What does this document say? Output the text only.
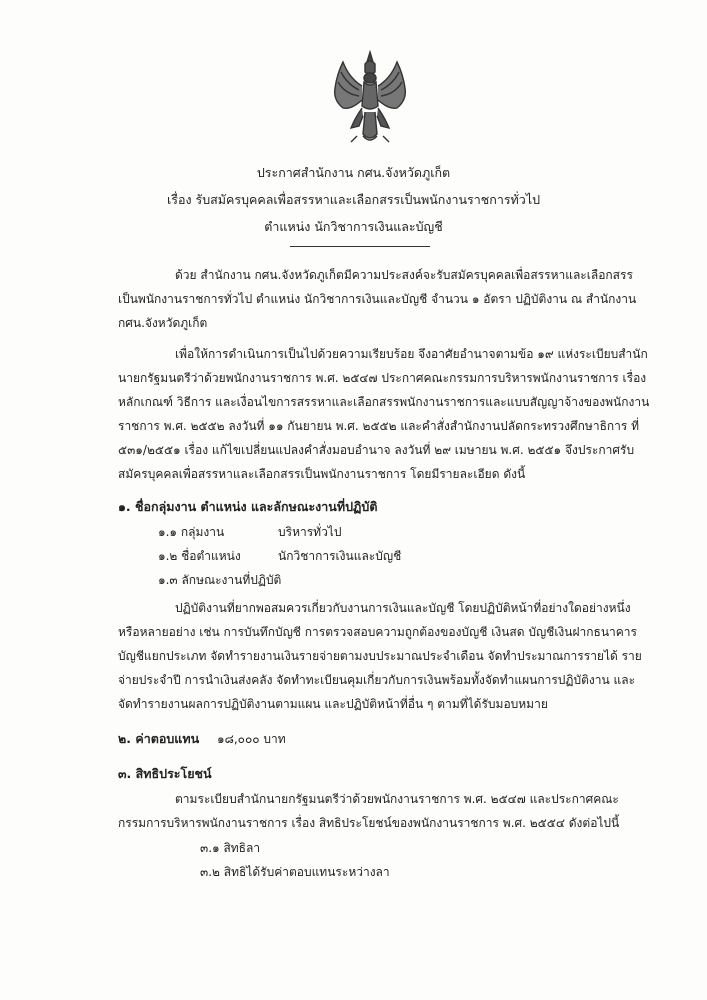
ประกาศสำนักงาน กศน.จังหวัดภูเก็ต
เรื่อง รับสมัครบุคคลเพื่อสรรหาและเลือกสรรเป็นพนักงานราชการทั่วไป
ตำแหน่ง นักวิชาการเงินและบัญชี
ด้วย สำนักงาน กศน.จังหวัดภูเก็ตมีความประสงค์จะรับสมัครบุคคลเพื่อสรรหาและเลือกสรร
เป็นพนักงานราชการทั่วไป ตำแหน่ง นักวิชาการเงินและบัญชี จำนวน ๑ อัตรา ปฏิบัติงาน ณ สำนักงาน
กศน.จังหวัดภูเก็ต
เพื่อให้การดำเนินการเป็นไปด้วยความเรียบร้อย จึงอาศัยอำนาจตามข้อ ๑๙ แห่งระเบียบสำนัก
นายกรัฐมนตรีว่าด้วยพนักงานราชการ พ.ศ. ๒๕๔๗ ประกาศคณะกรรมการบริหารพนักงานราชการ เรื่อง
หลักเกณฑ์ วิธีการ และเงื่อนไขการสรรหาและเลือกสรรพนักงานราชการและแบบสัญญาจ้างของพนักงาน
ราชการ พ.ศ. ๒๕๕๒ ลงวันที่ ๑๑ กันยายน พ.ศ. ๒๕๕๒ และคำสั่งสำนักงานปลัดกระทรวงศึกษาธิการ ที่
๕๓๑/๒๕๕๑ เรื่อง แก้ไขเปลี่ยนแปลงคำสั่งมอบอำนาจ ลงวันที่ ๒๙ เมษายน พ.ศ. ๒๕๕๑ จึงประกาศรับ
สมัครบุคคลเพื่อสรรหาและเลือกสรรเป็นพนักงานราชการ โดยมีรายละเอียด ดังนี้
๑. ชื่อกลุ่มงาน ตำแหน่ง และลักษณะงานที่ปฏิบัติ
๑.๑ กลุ่มงาน	บริหารทั่วไป
๑.๒ ชื่อตำแหน่ง	นักวิชาการเงินและบัญชี
๑.๓ ลักษณะงานที่ปฏิบัติ
ปฏิบัติงานที่ยากพอสมควรเกี่ยวกับงานการเงินและบัญชี โดยปฏิบัติหน้าที่อย่างใดอย่างหนึ่ง
หรือหลายอย่าง เช่น การบันทึกบัญชี การตรวจสอบความถูกต้องของบัญชี เงินสด บัญชีเงินฝากธนาคาร
บัญชีแยกประเภท จัดทำรายงานเงินรายจ่ายตามงบประมาณประจำเดือน จัดทำประมาณการรายได้ ราย
จ่ายประจำปี การนำเงินส่งคลัง จัดทำทะเบียนคุมเกี่ยวกับการเงินพร้อมทั้งจัดทำแผนการปฏิบัติงาน และ
จัดทำรายงานผลการปฏิบัติงานตามแผน และปฏิบัติหน้าที่อื่น ๆ ตามที่ได้รับมอบหมาย
๒. ค่าตอบแทน ๑๘,๐๐๐ บาท
๓. สิทธิประโยชน์
ตามระเบียบสำนักนายกรัฐมนตรีว่าด้วยพนักงานราชการ พ.ศ. ๒๕๔๗ และประกาศคณะ
กรรมการบริหารพนักงานราชการ เรื่อง สิทธิประโยชน์ของพนักงานราชการ พ.ศ. ๒๕๕๔ ดังต่อไปนี้
๓.๑ สิทธิลา
๓.๒ สิทธิได้รับค่าตอบแทนระหว่างลา
